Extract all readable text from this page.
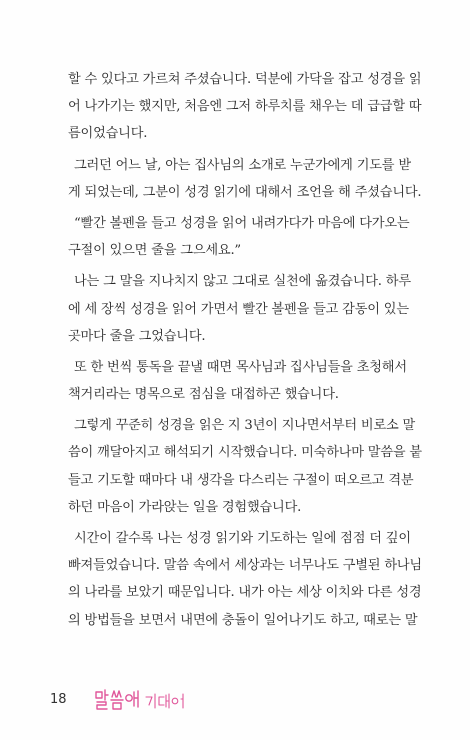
할 수 있다고 가르쳐 주셨습니다. 덕분에 가닥을 잡고 성경을 읽
어 나가기는 했지만, 처음엔 그저 하루치를 채우는 데 급급할 따
름이었습니다.
그러던 어느 날, 아는 집사님의 소개로 누군가에게 기도를 받
게 되었는데, 그분이 성경 읽기에 대해서 조언을 해 주셨습니다.
“빨간 볼펜을 들고 성경을 읽어 내려가다가 마음에 다가오는
구절이 있으면 줄을 그으세요.”
나는 그 말을 지나치지 않고 그대로 실천에 옮겼습니다. 하루
에 세 장씩 성경을 읽어 가면서 빨간 볼펜을 들고 감동이 있는
곳마다 줄을 그었습니다.
또 한 번씩 통독을 끝낼 때면 목사님과 집사님들을 초청해서
책거리라는 명목으로 점심을 대접하곤 했습니다.
그렇게 꾸준히 성경을 읽은 지 3년이 지나면서부터 비로소 말
씀이 깨달아지고 해석되기 시작했습니다. 미숙하나마 말씀을 붙
들고 기도할 때마다 내 생각을 다스리는 구절이 떠오르고 격분
하던 마음이 가라앉는 일을 경험했습니다.
시간이 갈수록 나는 성경 읽기와 기도하는 일에 점점 더 깊이
빠져들었습니다. 말씀 속에서 세상과는 너무나도 구별된 하나님
의 나라를 보았기 때문입니다. 내가 아는 세상 이치와 다른 성경
의 방법들을 보면서 내면에 충돌이 일어나기도 하고, 때로는 말
18
